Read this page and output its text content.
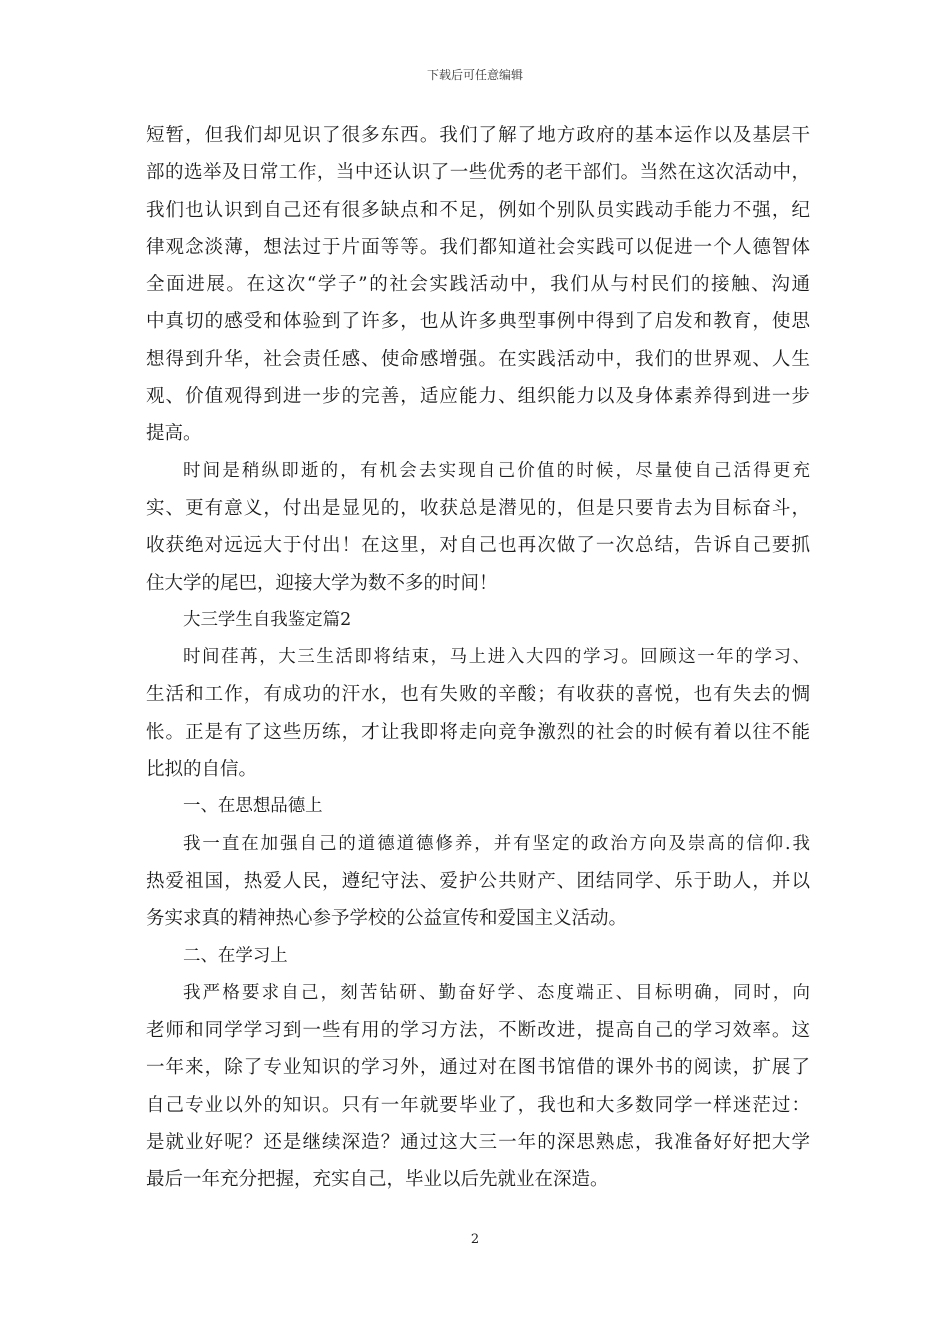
下载后可任意编辑
短暂，但我们却见识了很多东西。我们了解了地方政府的基本运作以及基层干
部的选举及日常工作，当中还认识了一些优秀的老干部们。当然在这次活动中，
我们也认识到自己还有很多缺点和不足，例如个别队员实践动手能力不强，纪
律观念淡薄，想法过于片面等等。我们都知道社会实践可以促进一个人德智体
全面进展。在这次“学子”的社会实践活动中，我们从与村民们的接触、沟通
中真切的感受和体验到了许多，也从许多典型事例中得到了启发和教育，使思
想得到升华，社会责任感、使命感增强。在实践活动中，我们的世界观、人生
观、价值观得到进一步的完善，适应能力、组织能力以及身体素养得到进一步
提高。
时间是稍纵即逝的，有机会去实现自己价值的时候，尽量使自己活得更充
实、更有意义，付出是显见的，收获总是潜见的，但是只要肯去为目标奋斗，
收获绝对远远大于付出！在这里，对自己也再次做了一次总结，告诉自己要抓
住大学的尾巴，迎接大学为数不多的时间！
大三学生自我鉴定篇2
时间荏苒，大三生活即将结束，马上进入大四的学习。回顾这一年的学习、
生活和工作，有成功的汗水，也有失败的辛酸；有收获的喜悦，也有失去的惆
怅。正是有了这些历练，才让我即将走向竞争激烈的社会的时候有着以往不能
比拟的自信。
一、在思想品德上
我一直在加强自己的道德道德修养，并有坚定的政治方向及崇高的信仰.我
热爱祖国，热爱人民，遵纪守法、爱护公共财产、团结同学、乐于助人，并以
务实求真的精神热心参予学校的公益宣传和爱国主义活动。
二、在学习上
我严格要求自己，刻苦钻研、勤奋好学、态度端正、目标明确，同时，向
老师和同学学习到一些有用的学习方法，不断改进，提高自己的学习效率。这
一年来，除了专业知识的学习外，通过对在图书馆借的课外书的阅读，扩展了
自己专业以外的知识。只有一年就要毕业了，我也和大多数同学一样迷茫过：
是就业好呢？还是继续深造？通过这大三一年的深思熟虑，我准备好好把大学
最后一年充分把握，充实自己，毕业以后先就业在深造。
2
